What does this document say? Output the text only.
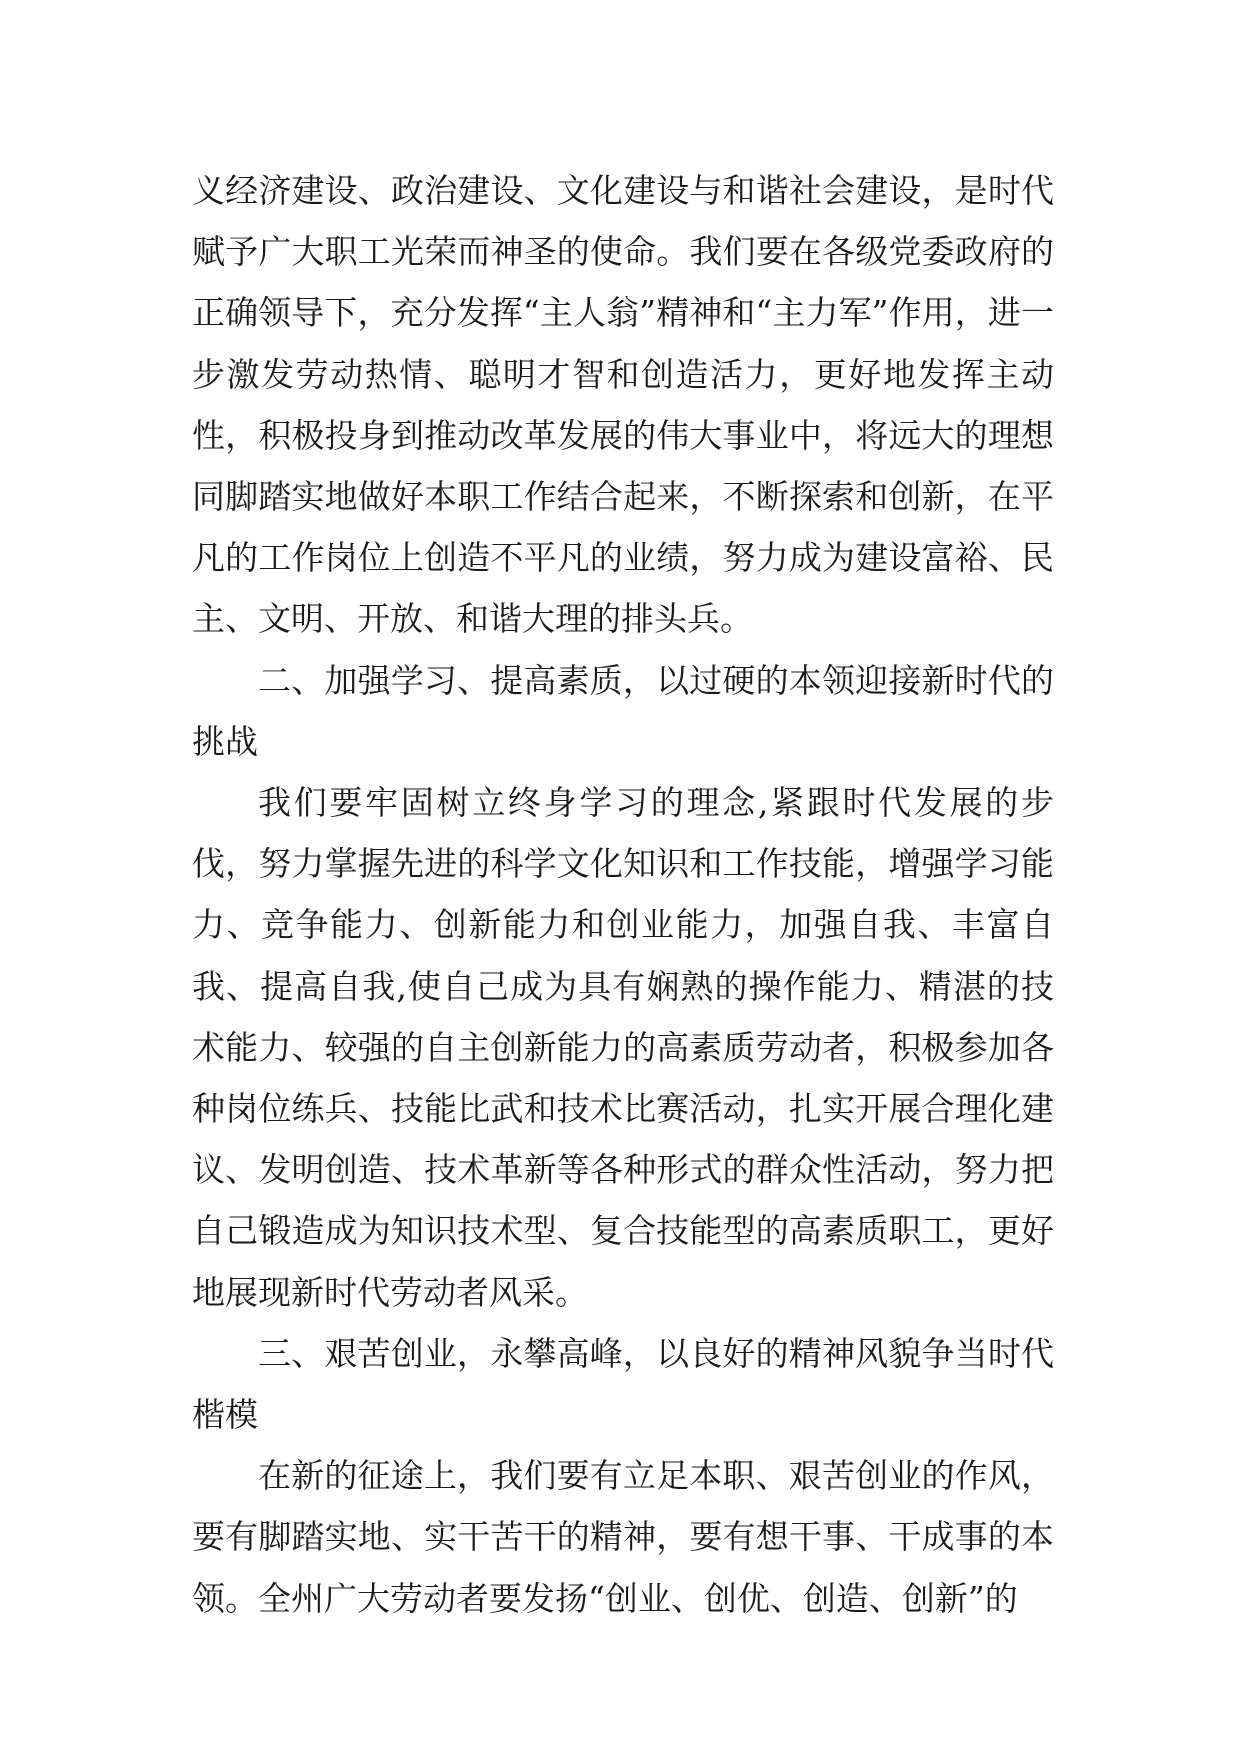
义经济建设、政治建设、文化建设与和谐社会建设，是时代赋予广大职工光荣而神圣的使命。我们要在各级党委政府的正确领导下，充分发挥“主人翁”精神和“主力军”作用，进一步激发劳动热情、聪明才智和创造活力，更好地发挥主动性，积极投身到推动改革发展的伟大事业中，将远大的理想同脚踏实地做好本职工作结合起来，不断探索和创新，在平凡的工作岗位上创造不平凡的业绩，努力成为建设富裕、民主、文明、开放、和谐大理的排头兵。

二、加强学习、提高素质，以过硬的本领迎接新时代的挑战

我们要牢固树立终身学习的理念,紧跟时代发展的步伐，努力掌握先进的科学文化知识和工作技能，增强学习能力、竞争能力、创新能力和创业能力，加强自我、丰富自我、提高自我,使自己成为具有娴熟的操作能力、精湛的技术能力、较强的自主创新能力的高素质劳动者，积极参加各种岗位练兵、技能比武和技术比赛活动，扎实开展合理化建议、发明创造、技术革新等各种形式的群众性活动，努力把自己锻造成为知识技术型、复合技能型的高素质职工，更好地展现新时代劳动者风采。

三、艰苦创业，永攀高峰，以良好的精神风貌争当时代楷模

在新的征途上，我们要有立足本职、艰苦创业的作风，要有脚踏实地、实干苦干的精神，要有想干事、干成事的本领。全州广大劳动者要发扬“创业、创优、创造、创新”的
